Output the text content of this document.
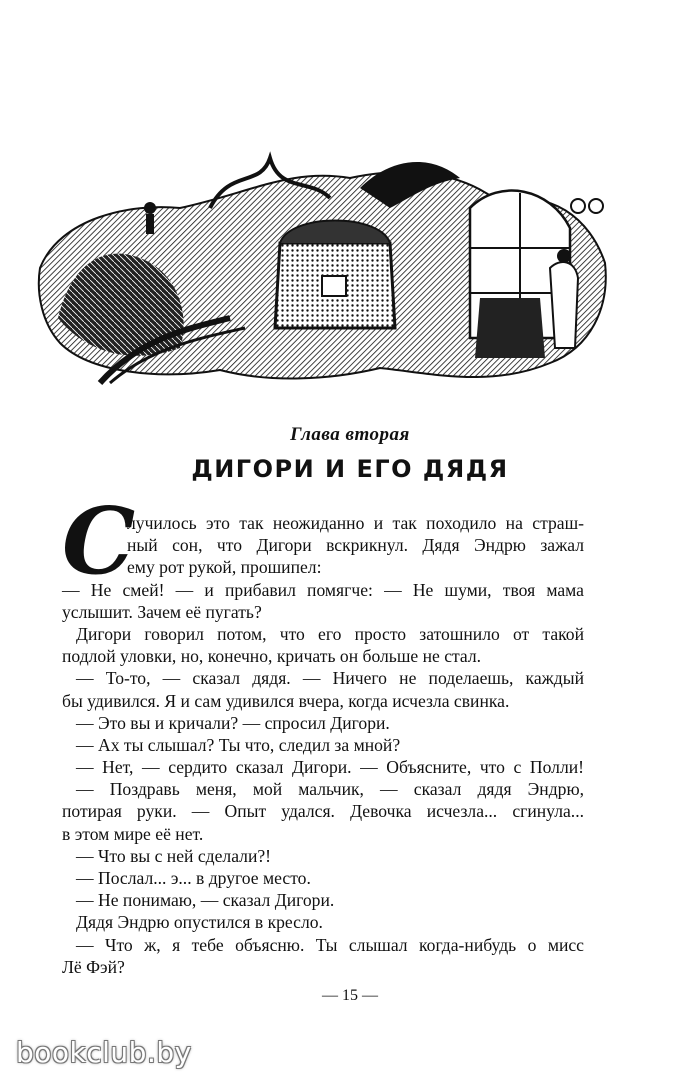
Глава вторая
ДИГОРИ И ЕГО ДЯДЯ
С
лучилось это так неожиданно и так походило на страш-
ный сон, что Дигори вскрикнул. Дядя Эндрю зажал
ему рот рукой, прошипел:
— Не смей! — и прибавил помягче: — Не шуми, твоя мама
услышит. Зачем её пугать?
Дигори говорил потом, что его просто затошнило от такой
подлой уловки, но, конечно, кричать он больше не стал.
— То-то, — сказал дядя. — Ничего не поделаешь, каждый
бы удивился. Я и сам удивился вчера, когда исчезла свинка.
— Это вы и кричали? — спросил Дигори.
— Ах ты слышал? Ты что, следил за мной?
— Нет, — сердито сказал Дигори. — Объясните, что с Полли!
— Поздравь меня, мой мальчик, — сказал дядя Эндрю,
потирая руки. — Опыт удался. Девочка исчезла... сгинула...
в этом мире её нет.
— Что вы с ней сделали?!
— Послал... э... в другое место.
— Не понимаю, — сказал Дигори.
Дядя Эндрю опустился в кресло.
— Что ж, я тебе объясню. Ты слышал когда-нибудь о мисс
Лё Фэй?
— 15 —
bookclub.by
